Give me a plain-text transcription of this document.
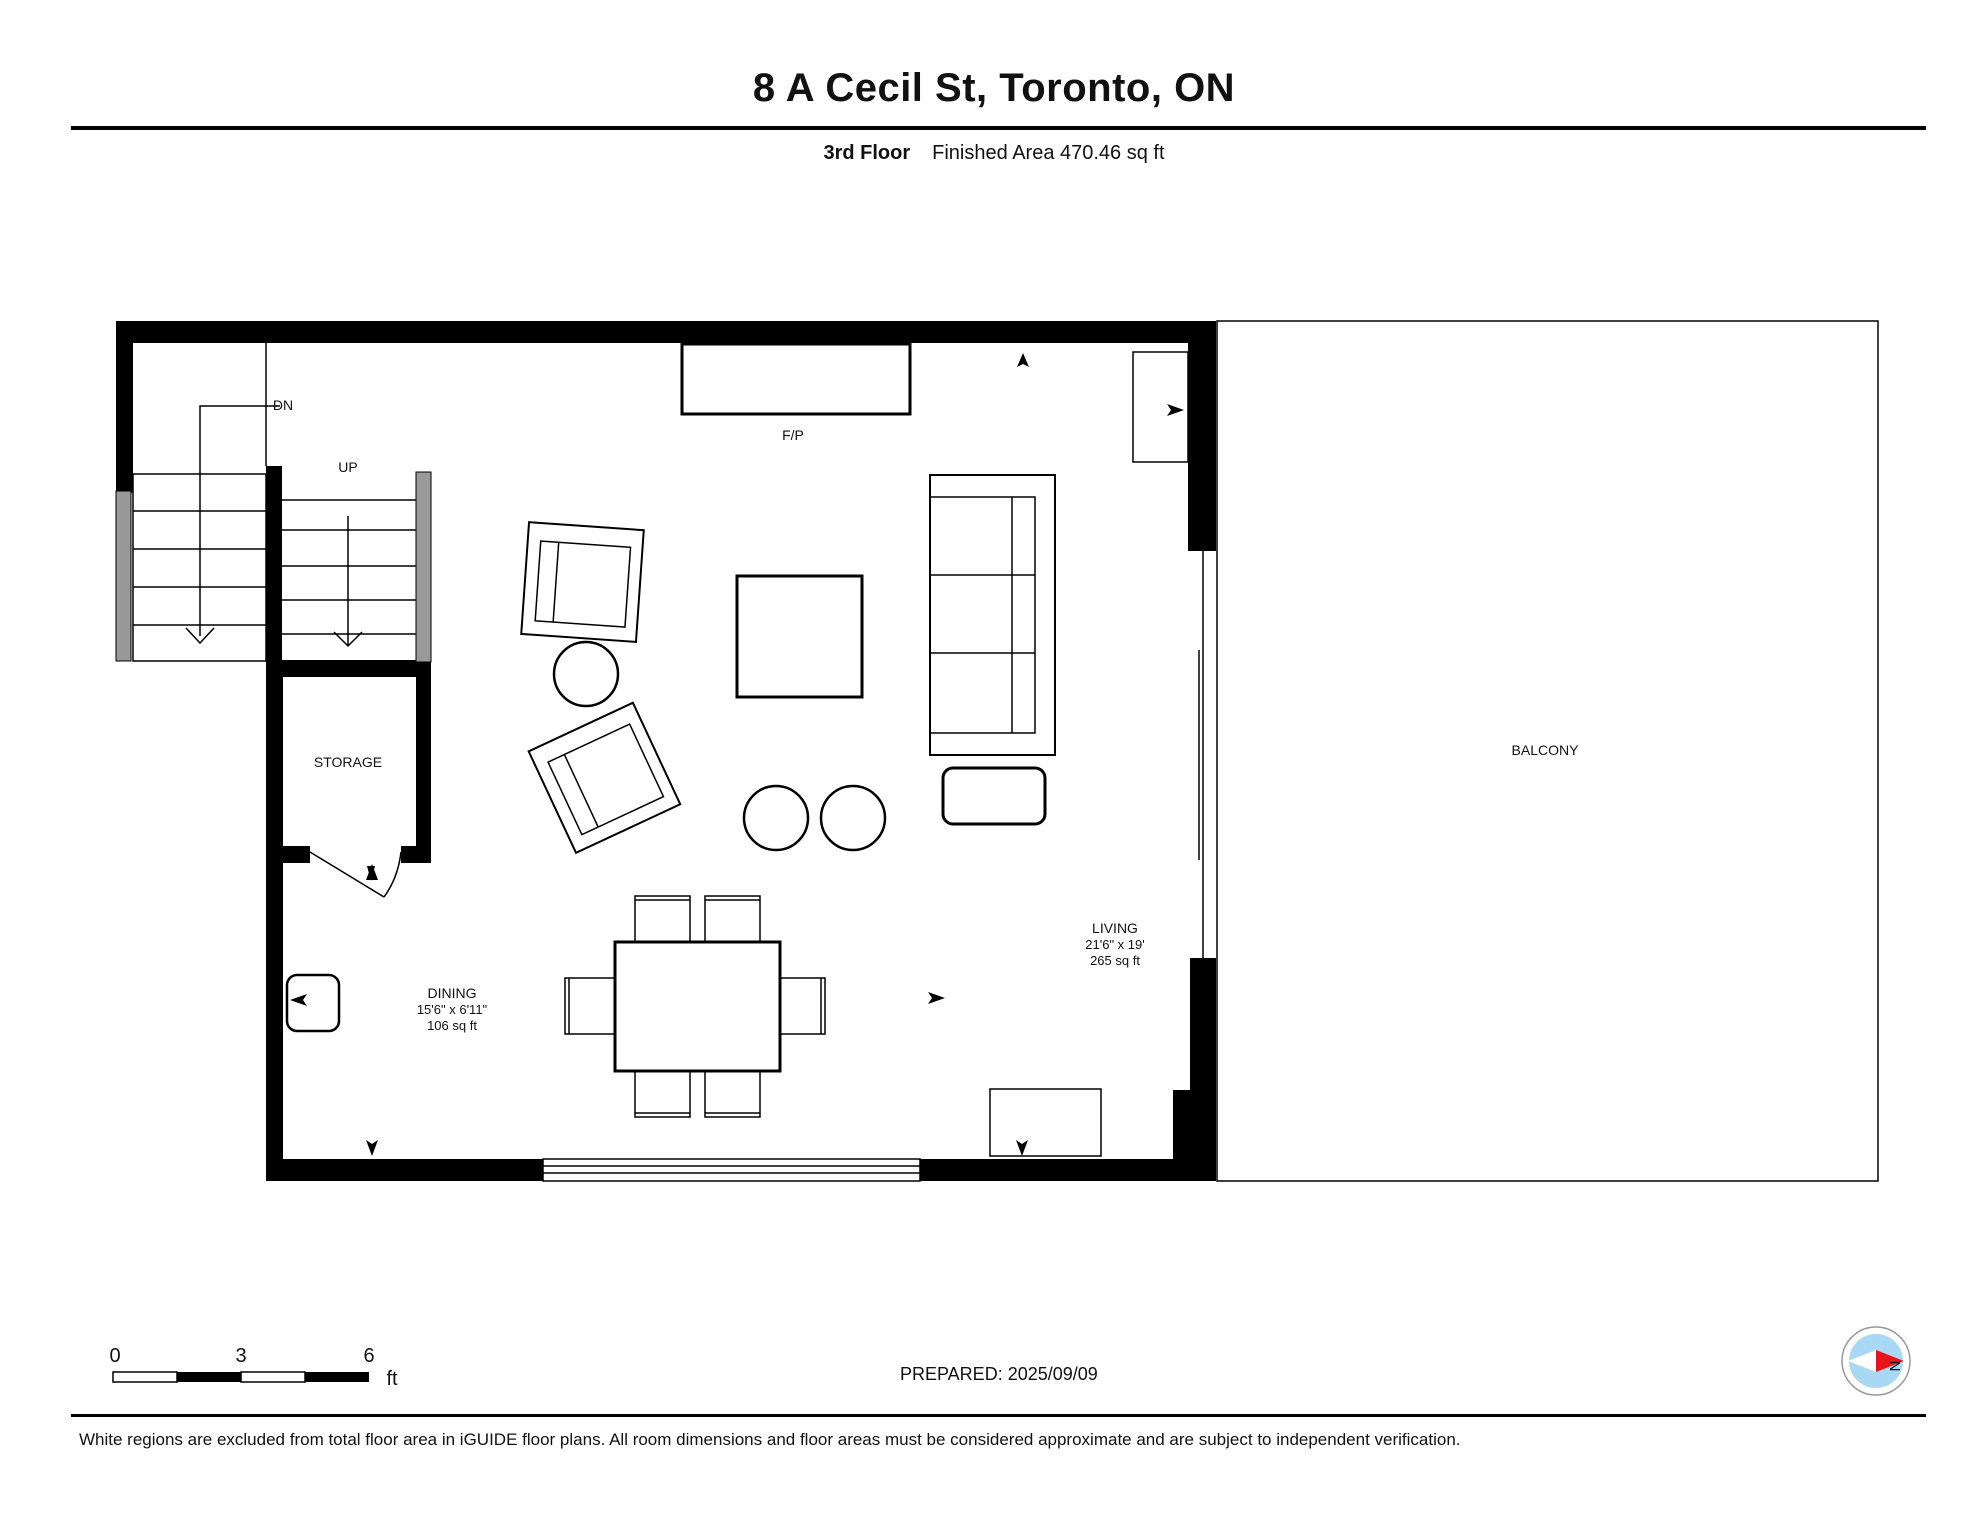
8 A Cecil St, Toronto, ON
3rd Floor Finished Area 470.46 sq ft
DN
UP
STORAGE
F/P
LIVING
21'6" x 19'
265 sq ft
DINING
15'6" x 6'11"
106 sq ft
BALCONY
0	3	6
ft
N
PREPARED: 2025/09/09
White regions are excluded from total floor area in iGUIDE floor plans. All room dimensions and floor areas must be considered approximate and are subject to independent verification.
